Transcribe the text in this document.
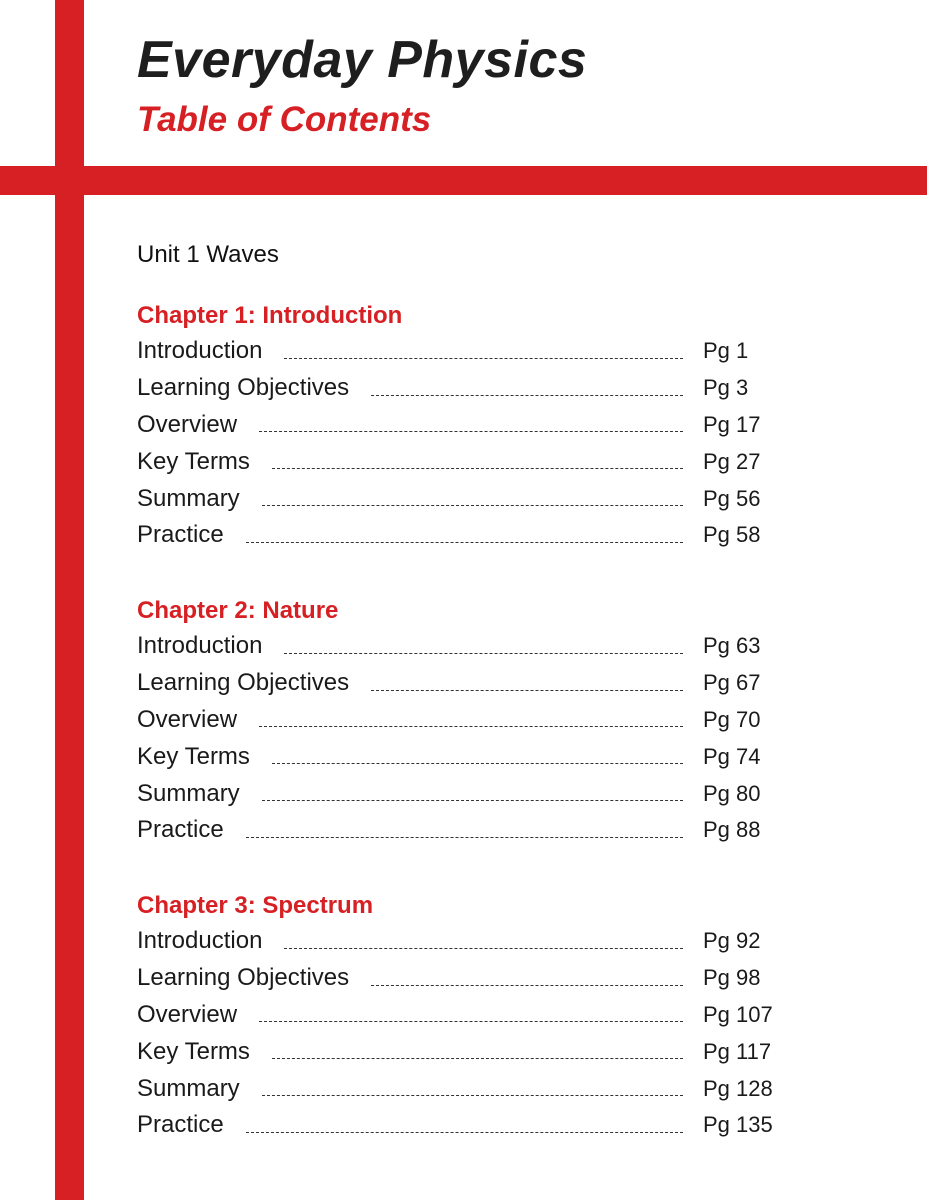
Everyday Physics
Table of Contents
Unit 1 Waves
Chapter 1: Introduction
Introduction	Pg 1
Learning Objectives	Pg 3
Overview	Pg 17
Key Terms	Pg 27
Summary	Pg 56
Practice	Pg 58
Chapter 2: Nature
Introduction	Pg 63
Learning Objectives	Pg 67
Overview	Pg 70
Key Terms	Pg 74
Summary	Pg 80
Practice	Pg 88
Chapter 3: Spectrum
Introduction	Pg 92
Learning Objectives	Pg 98
Overview	Pg 107
Key Terms	Pg 117
Summary	Pg 128
Practice	Pg 135
